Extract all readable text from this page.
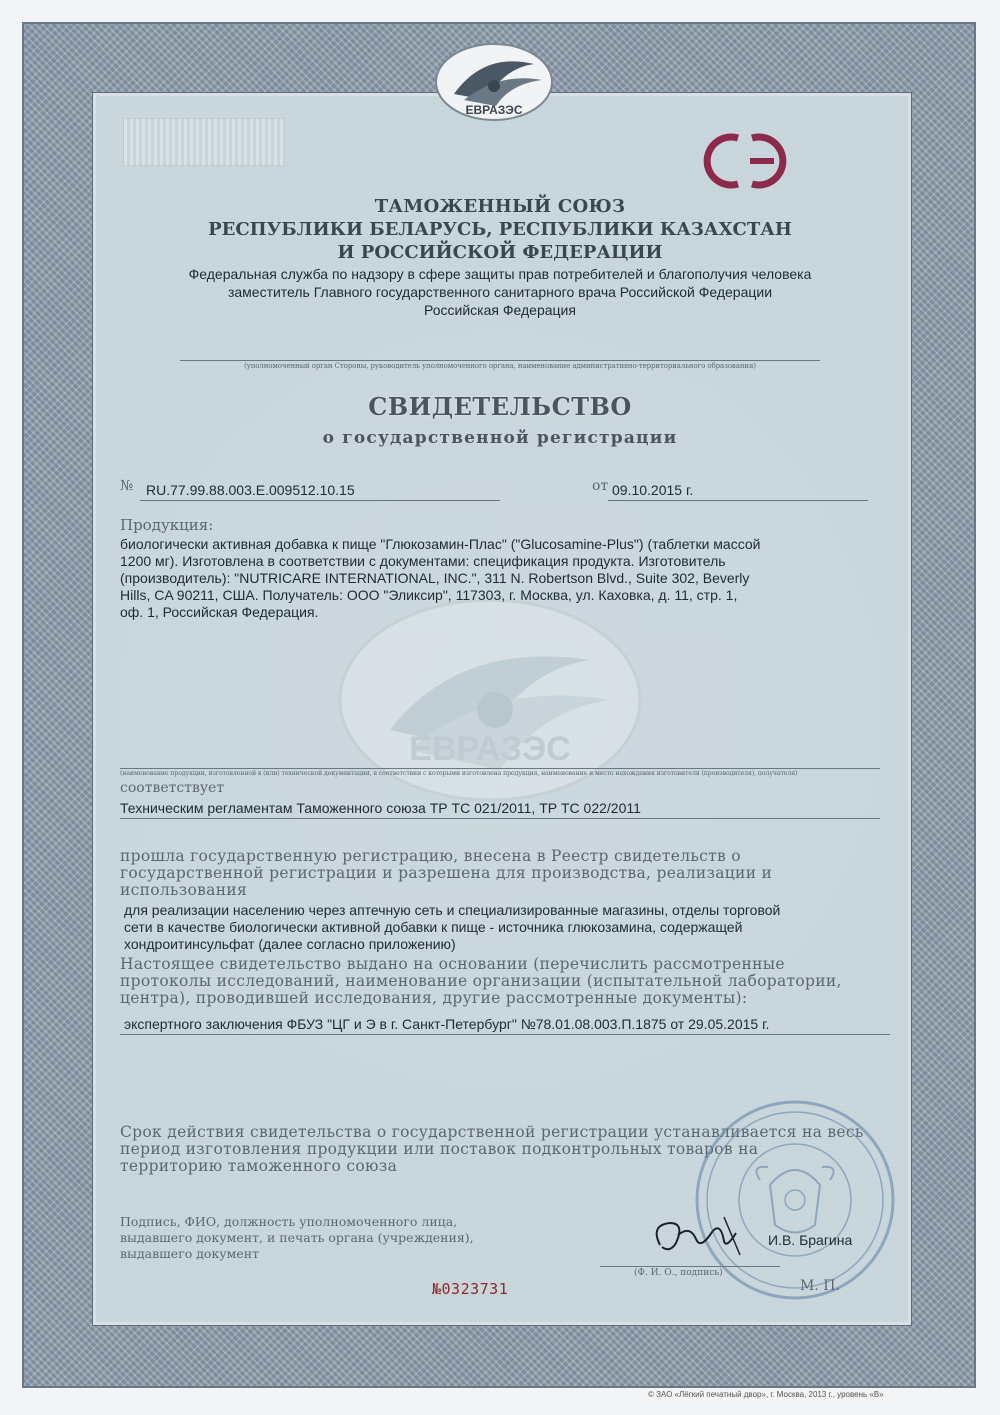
ЕВРАЗЭС
ТАМОЖЕННЫЙ СОЮЗ
РЕСПУБЛИКИ БЕЛАРУСЬ, РЕСПУБЛИКИ КАЗАХСТАН
И РОССИЙСКОЙ ФЕДЕРАЦИИ
Федеральная служба по надзору в сфере защиты прав потребителей и благополучия человека
заместитель Главного государственного санитарного врача Российской Федерации
Российская Федерация
(уполномоченный орган Стороны, руководитель уполномоченного органа, наименование административно-территориального образования)
СВИДЕТЕЛЬСТВО
о государственной регистрации
№ RU.77.99.88.003.Е.009512.10.15	от 09.10.2015 г.
ЕВРАЗЭС
Продукция:
биологически активная добавка к пище "Глюкозамин-Плас" ("Glucosamine-Plus") (таблетки массой
1200 мг). Изготовлена в соответствии с документами: спецификация продукта. Изготовитель
(производитель): "NUTRICARE INTERNATIONAL, INC.", 311 N. Robertson Blvd., Suite 302, Beverly
Hills, CA 90211, США. Получатель: ООО "Эликсир", 117303, г. Москва, ул. Каховка, д. 11, стр. 1,
оф. 1, Российская Федерация.
(наименование продукции, изготовленной в (или) технической документации, в соответствии с которыми изготовлена продукция, наименование и место нахождения изготовителя (производителя), получателя)
соответствует
Техническим регламентам Таможенного союза ТР ТС 021/2011, ТР ТС 022/2011
прошла государственную регистрацию, внесена в Реестр свидетельств о
государственной регистрации и разрешена для производства, реализации и
использования
для реализации населению через аптечную сеть и специализированные магазины, отделы торговой
сети в качестве биологически активной добавки к пище - источника глюкозамина, содержащей
хондроитинсульфат (далее согласно приложению)
Настоящее свидетельство выдано на основании (перечислить рассмотренные
протоколы исследований, наименование организации (испытательной лаборатории,
центра), проводившей исследования, другие рассмотренные документы):
экспертного заключения ФБУЗ "ЦГ и Э в г. Санкт-Петербург" №78.01.08.003.П.1875 от 29.05.2015 г.
Срок действия свидетельства о государственной регистрации устанавливается на весь
период изготовления продукции или поставок подконтрольных товаров на
территорию таможенного союза
Подпись, ФИО, должность уполномоченного лица,
выдавшего документ, и печать органа (учреждения),
выдавшего документ
И.В. Брагина
(Ф. И. О., подпись)
№0323731	М. П.
© ЗАО «Лёгкий печатный двор», г. Москва, 2013 г., уровень «В»
